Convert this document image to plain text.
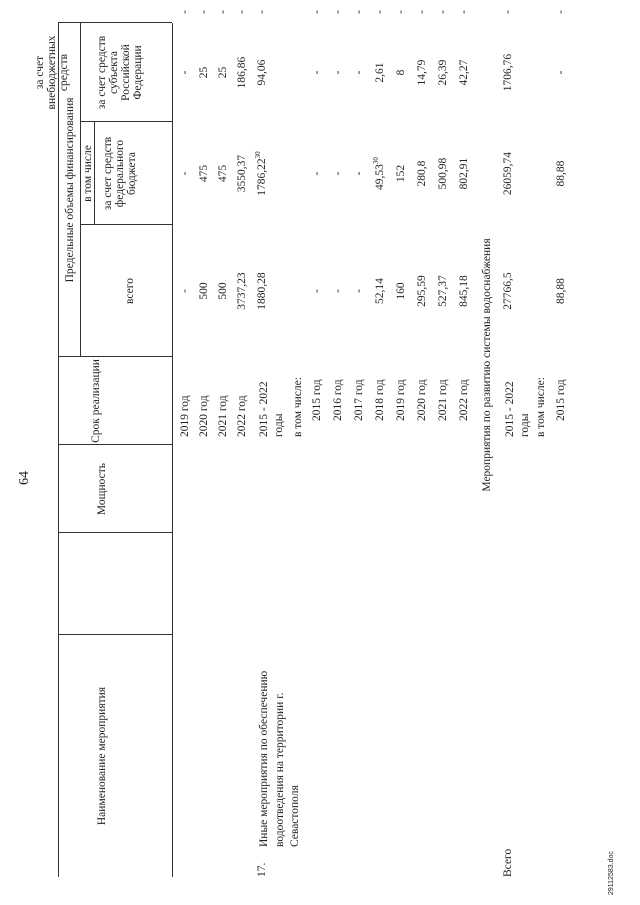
64
Наименование мероприятия
Мощность
Срок реализации
Предельные объемы финансирования
всего
в том числе за счет средств федерального бюджета
за счет средств субъекта Российской Федерации
за счет внебюджетных средств
2019 год
-
-
-
-
2020 год
500
475
25
-
2021 год
500
475
25
-
2022 год
3737,23
3550,37
186,86
-
17.
Иные мероприятия по обеспечению водоотведения на территории г. Севастополя
2015 - 2022 годы
1880,28
1786,22$^{30}$
94,06
-
в том числе: 2015 год
-
-
-
-
2016 год
-
-
-
-
2017 год
-
-
-
-
2018 год
52,14
49,53$^{30}$
2,61
-
2019 год
160
152
8
-
2020 год
295,59
280,8
14,79
-
2021 год
527,37
500,98
26,39
-
2022 год
845,18
802,91
42,27
-
Мероприятия по развитию системы водоснабжения
Всего
2015 - 2022 годы
27766,5
26059,74
1706,76
-
в том числе: 2015 год
88,88
88,88
-
-
29112583.doc
